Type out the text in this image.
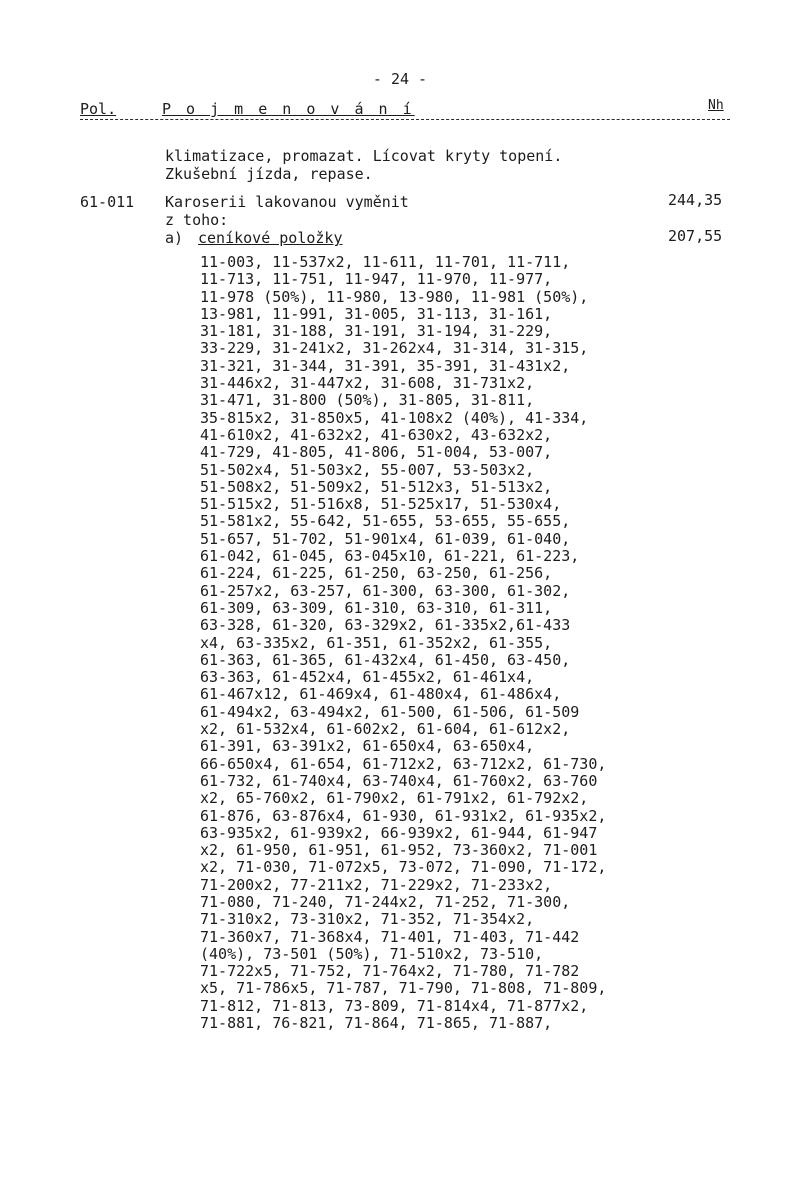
- 24 -
Pol.	P o j m e n o v á n í	Nh
klimatizace, promazat. Lícovat kryty topení.
Zkušební jízda, repase.
61-011 Karoserii lakovanou vyměnit	244,35
z toho:
a) ceníkové položky	207,55
11-003, 11-537x2, 11-611, 11-701, 11-711,
11-713, 11-751, 11-947, 11-970, 11-977,
11-978 (50%), 11-980, 13-980, 11-981 (50%),
13-981, 11-991, 31-005, 31-113, 31-161,
31-181, 31-188, 31-191, 31-194, 31-229,
33-229, 31-241x2, 31-262x4, 31-314, 31-315,
31-321, 31-344, 31-391, 35-391, 31-431x2,
31-446x2, 31-447x2, 31-608, 31-731x2,
31-471, 31-800 (50%), 31-805, 31-811,
35-815x2, 31-850x5, 41-108x2 (40%), 41-334,
41-610x2, 41-632x2, 41-630x2, 43-632x2,
41-729, 41-805, 41-806, 51-004, 53-007,
51-502x4, 51-503x2, 55-007, 53-503x2,
51-508x2, 51-509x2, 51-512x3, 51-513x2,
51-515x2, 51-516x8, 51-525x17, 51-530x4,
51-581x2, 55-642, 51-655, 53-655, 55-655,
51-657, 51-702, 51-901x4, 61-039, 61-040,
61-042, 61-045, 63-045x10, 61-221, 61-223,
61-224, 61-225, 61-250, 63-250, 61-256,
61-257x2, 63-257, 61-300, 63-300, 61-302,
61-309, 63-309, 61-310, 63-310, 61-311,
63-328, 61-320, 63-329x2, 61-335x2,61-433
x4, 63-335x2, 61-351, 61-352x2, 61-355,
61-363, 61-365, 61-432x4, 61-450, 63-450,
63-363, 61-452x4, 61-455x2, 61-461x4,
61-467x12, 61-469x4, 61-480x4, 61-486x4,
61-494x2, 63-494x2, 61-500, 61-506, 61-509
x2, 61-532x4, 61-602x2, 61-604, 61-612x2,
61-391, 63-391x2, 61-650x4, 63-650x4,
66-650x4, 61-654, 61-712x2, 63-712x2, 61-730,
61-732, 61-740x4, 63-740x4, 61-760x2, 63-760
x2, 65-760x2, 61-790x2, 61-791x2, 61-792x2,
61-876, 63-876x4, 61-930, 61-931x2, 61-935x2,
63-935x2, 61-939x2, 66-939x2, 61-944, 61-947
x2, 61-950, 61-951, 61-952, 73-360x2, 71-001
x2, 71-030, 71-072x5, 73-072, 71-090, 71-172,
71-200x2, 77-211x2, 71-229x2, 71-233x2,
71-080, 71-240, 71-244x2, 71-252, 71-300,
71-310x2, 73-310x2, 71-352, 71-354x2,
71-360x7, 71-368x4, 71-401, 71-403, 71-442
(40%), 73-501 (50%), 71-510x2, 73-510,
71-722x5, 71-752, 71-764x2, 71-780, 71-782
x5, 71-786x5, 71-787, 71-790, 71-808, 71-809,
71-812, 71-813, 73-809, 71-814x4, 71-877x2,
71-881, 76-821, 71-864, 71-865, 71-887,
